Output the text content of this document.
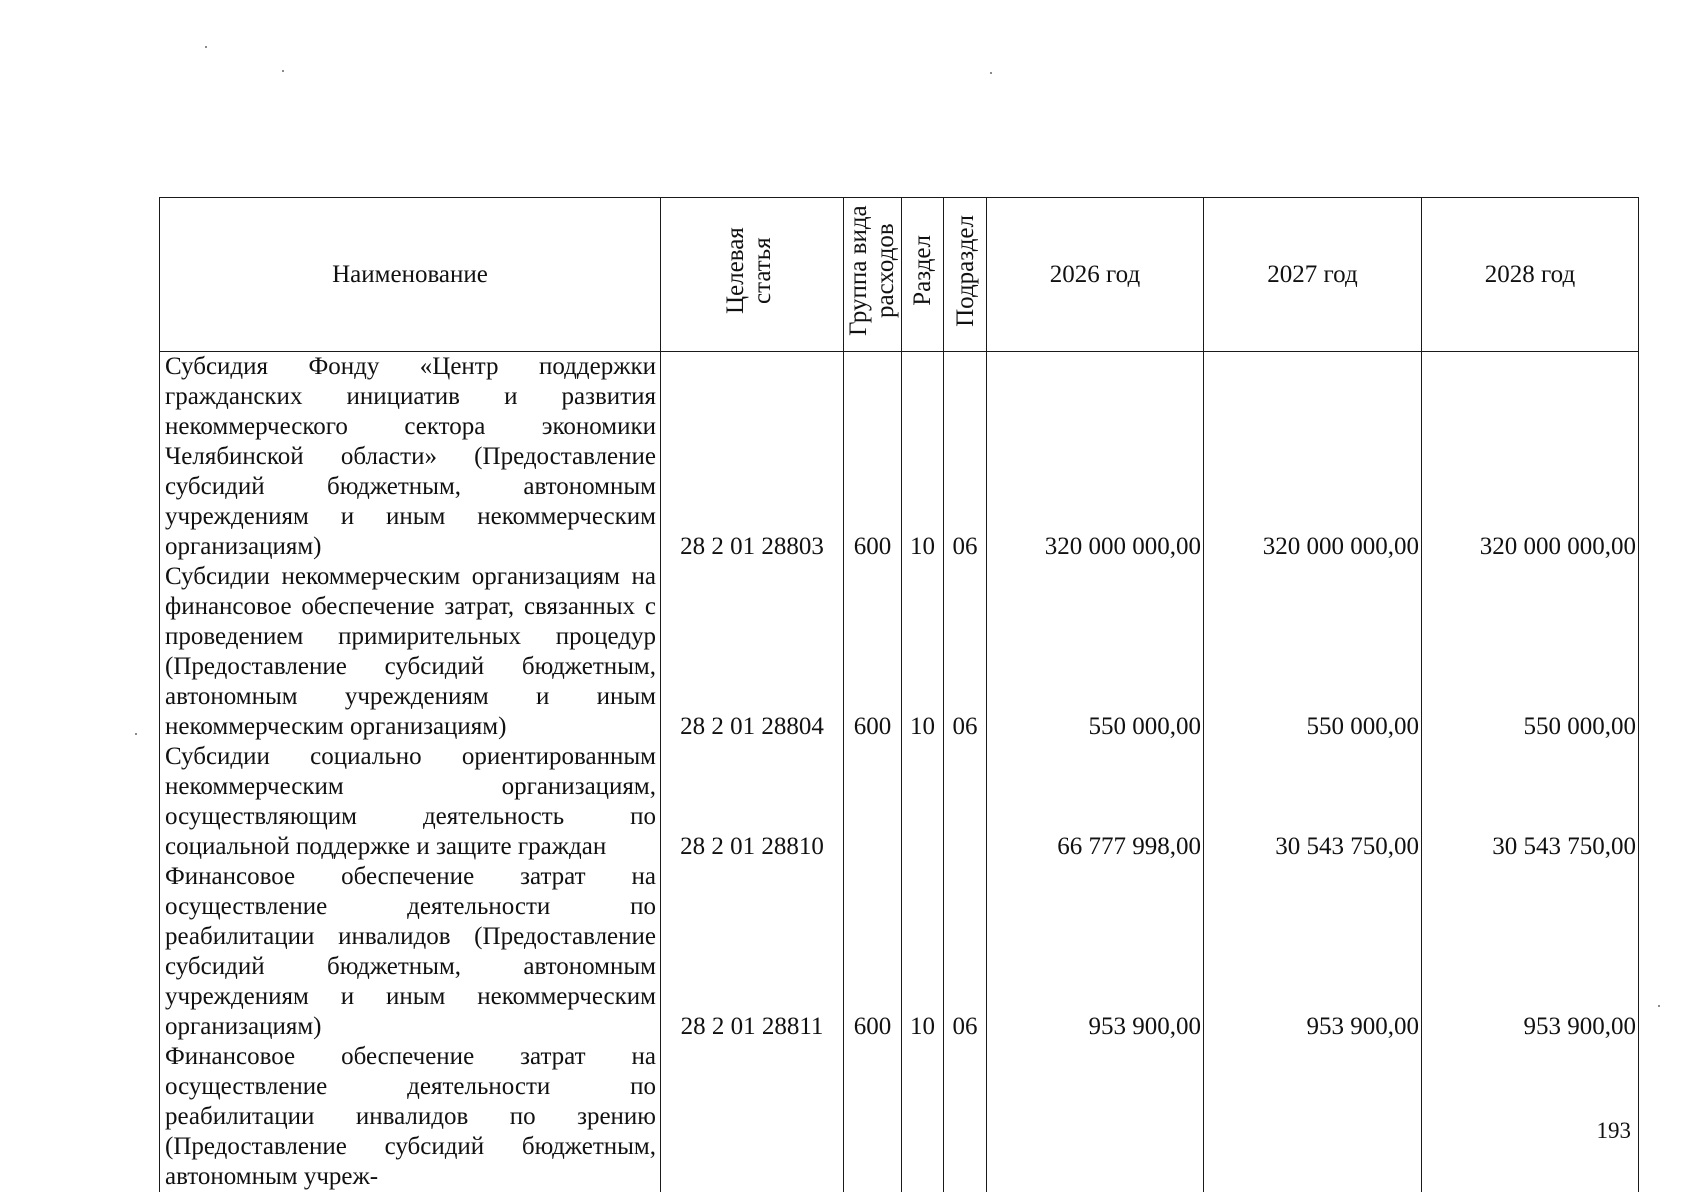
Наименование	Целевая статья	Группа вида расходов	Раздел	Подраздел	2026 год	2027 год	2028 год
Субсидия Фонду «Центр поддержки гражданских инициатив и развития некоммерческого сектора экономики Челябинской области» (Предоставление субсидий бюджетным, автономным учреждениям и иным некоммерческим организациям)	28 2 01 28803	600	10	06	320 000 000,00	320 000 000,00	320 000 000,00
Субсидии некоммерческим организациям на финансовое обеспечение затрат, связанных с проведением примирительных процедур (Предоставление субсидий бюджетным, автономным учреждениям и иным некоммерческим организациям)	28 2 01 28804	600	10	06	550 000,00	550 000,00	550 000,00
Субсидии социально ориентированным некоммерческим организациям, осуществляющим деятельность по социальной поддержке и защите граждан	28 2 01 28810				66 777 998,00	30 543 750,00	30 543 750,00
Финансовое обеспечение затрат на осуществление деятельности по реабилитации инвалидов (Предоставление субсидий бюджетным, автономным учреждениям и иным некоммерческим организациям)	28 2 01 28811	600	10	06	953 900,00	953 900,00	953 900,00
Финансовое обеспечение затрат на осуществление деятельности по реабилитации инвалидов по зрению (Предоставление субсидий бюджетным, автономным учреж-							
193
